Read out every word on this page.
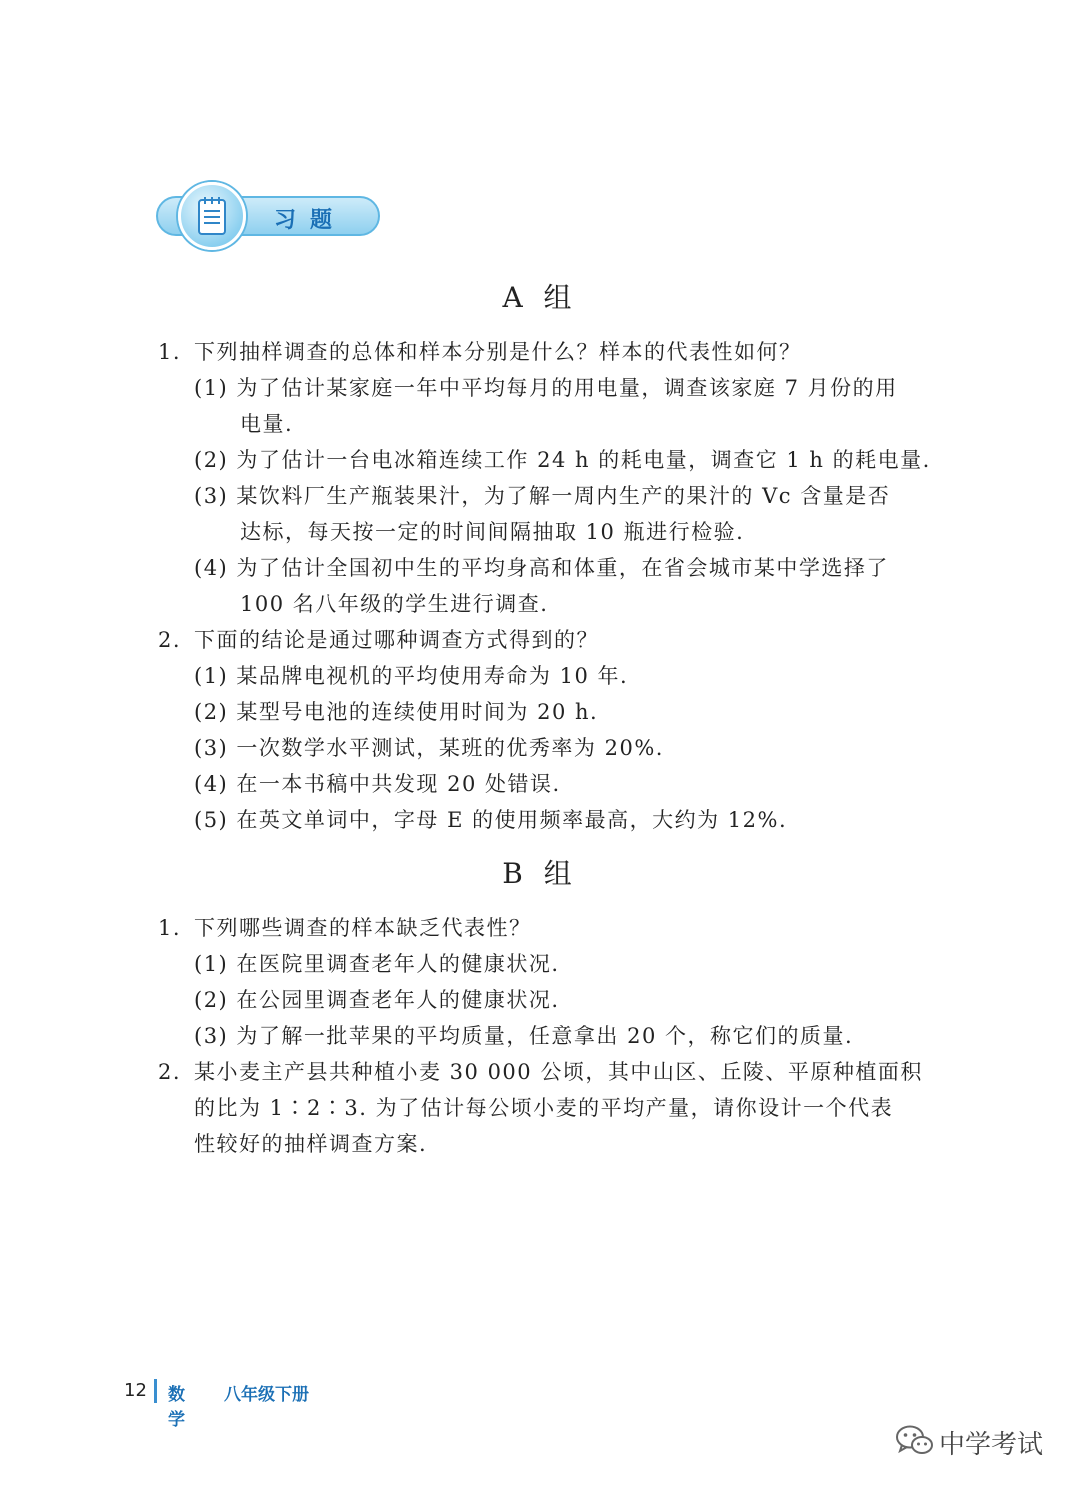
习题
A 组
1. 下列抽样调查的总体和样本分别是什么？样本的代表性如何？
(1) 为了估计某家庭一年中平均每月的用电量，调查该家庭 7 月份的用
电量.
(2) 为了估计一台电冰箱连续工作 24 h 的耗电量，调查它 1 h 的耗电量.
(3) 某饮料厂生产瓶装果汁，为了解一周内生产的果汁的 Vc 含量是否
达标，每天按一定的时间间隔抽取 10 瓶进行检验.
(4) 为了估计全国初中生的平均身高和体重，在省会城市某中学选择了
100 名八年级的学生进行调查.
2. 下面的结论是通过哪种调查方式得到的？
(1) 某品牌电视机的平均使用寿命为 10 年.
(2) 某型号电池的连续使用时间为 20 h.
(3) 一次数学水平测试，某班的优秀率为 20%.
(4) 在一本书稿中共发现 20 处错误.
(5) 在英文单词中，字母 E 的使用频率最高，大约为 12%.
B 组
1. 下列哪些调查的样本缺乏代表性？
(1) 在医院里调查老年人的健康状况.
(2) 在公园里调查老年人的健康状况.
(3) 为了解一批苹果的平均质量，任意拿出 20 个，称它们的质量.
2. 某小麦主产县共种植小麦 30 000 公顷，其中山区、丘陵、平原种植面积
的比为 1∶2∶3. 为了估计每公顷小麦的平均产量，请你设计一个代表
性较好的抽样调查方案.
12 数学
八年级下册
中学考试
